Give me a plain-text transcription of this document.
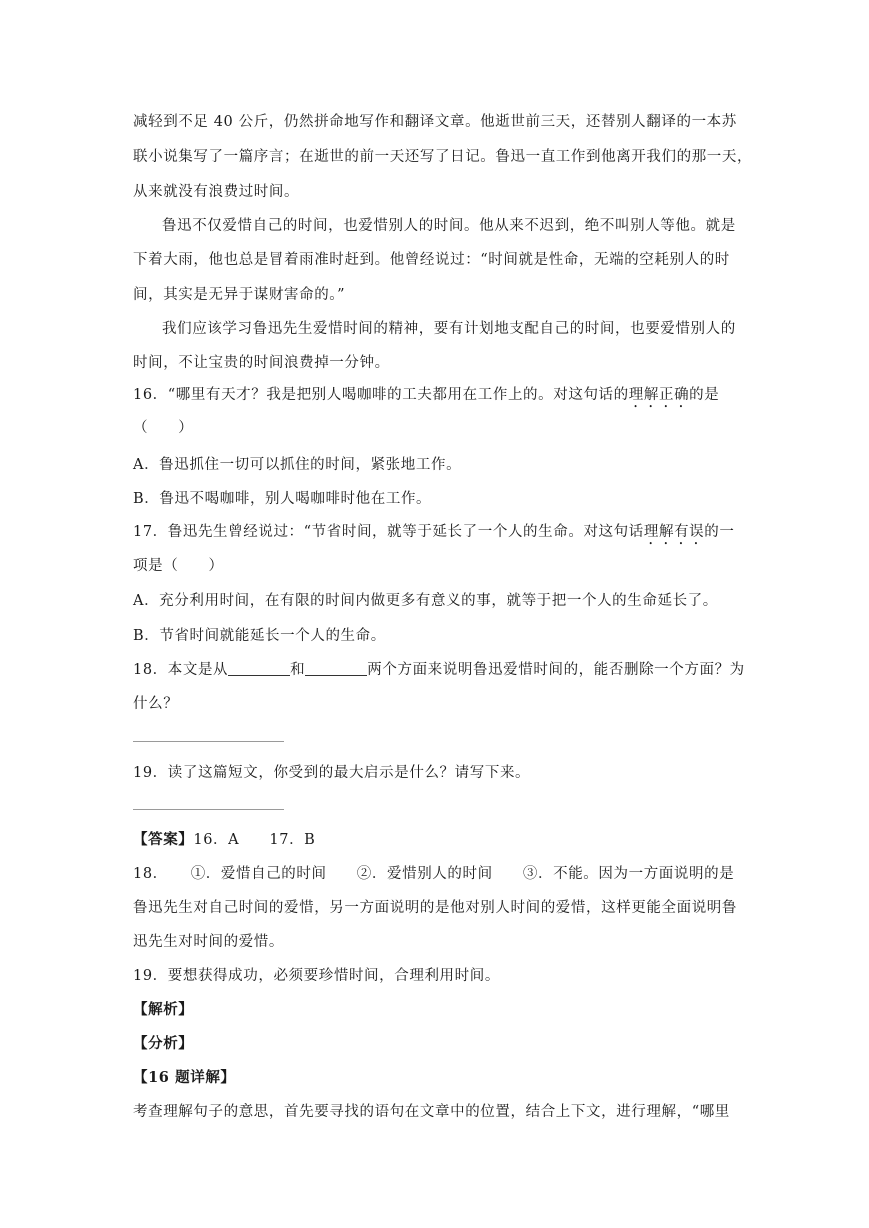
减轻到不足 40 公斤，仍然拼命地写作和翻译文章。他逝世前三天，还替别人翻译的一本苏
联小说集写了一篇序言；在逝世的前一天还写了日记。鲁迅一直工作到他离开我们的那一天，
从来就没有浪费过时间。
鲁迅不仅爱惜自己的时间，也爱惜别人的时间。他从来不迟到，绝不叫别人等他。就是
下着大雨，他也总是冒着雨准时赶到。他曾经说过：“时间就是性命，无端的空耗别人的时
间，其实是无异于谋财害命的。”
我们应该学习鲁迅先生爱惜时间的精神，要有计划地支配自己的时间，也要爱惜别人的
时间，不让宝贵的时间浪费掉一分钟。
16．“哪里有天才？我是把别人喝咖啡的工夫都用在工作上的。对这句话的理解正确的是
（　　）
A．鲁迅抓住一切可以抓住的时间，紧张地工作。
B．鲁迅不喝咖啡，别人喝咖啡时他在工作。
17．鲁迅先生曾经说过：“节省时间，就等于延长了一个人的生命。对这句话理解有误的一
项是（　　）
A．充分利用时间，在有限的时间内做更多有意义的事，就等于把一个人的生命延长了。
B．节省时间就能延长一个人的生命。
18．本文是从	和	两个方面来说明鲁迅爱惜时间的，能否删除一个方面？为
什么？
19．读了这篇短文，你受到的最大启示是什么？请写下来。
【答案】16．A　　17．B
18．　　①．爱惜自己的时间　　②．爱惜别人的时间　　③．不能。因为一方面说明的是
鲁迅先生对自己时间的爱惜，另一方面说明的是他对别人时间的爱惜，这样更能全面说明鲁
迅先生对时间的爱惜。
19．要想获得成功，必须要珍惜时间，合理利用时间。
【解析】
【分析】
【16 题详解】
考查理解句子的意思，首先要寻找的语句在文章中的位置，结合上下文，进行理解，“哪里
